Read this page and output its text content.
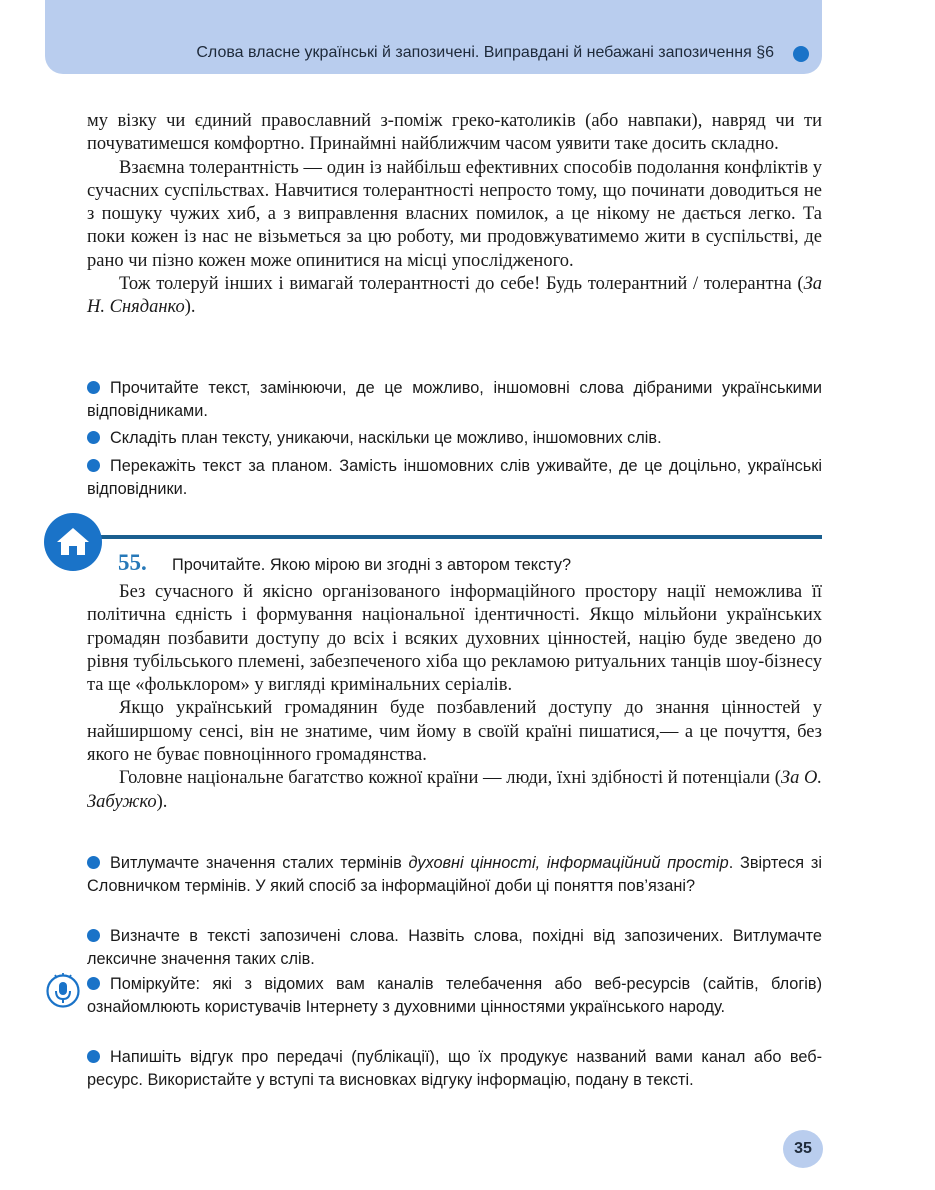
Слова власне українські й запозичені. Виправдані й небажані запозичення §6

му візку чи єдиний православний з-поміж греко-католиків (або навпаки), навряд чи ти почуватимешся комфортно. Принаймні найближчим часом уявити таке досить складно.
Взаємна толерантність — один із найбільш ефективних способів подолання конфліктів у сучасних суспільствах. Навчитися толерантності непросто тому, що починати доводиться не з пошуку чужих хиб, а з виправлення власних помилок, а це нікому не дається легко. Та поки кожен із нас не візьметься за цю роботу, ми продовжуватимемо жити в суспільстві, де рано чи пізно кожен може опинитися на місці упослідженого.
Тож толеруй інших і вимагай толерантності до себе! Будь толерантний / толерантна (За Н. Сняданко).

Прочитайте текст, замінюючи, де це можливо, іншомовні слова дібраними українськими відповідниками.

Складіть план тексту, уникаючи, наскільки це можливо, іншомовних слів.

Перекажіть текст за планом. Замість іншомовних слів уживайте, де це доцільно, українські відповідники.

55. Прочитайте. Якою мірою ви згодні з автором тексту?

Без сучасного й якісно організованого інформаційного простору нації неможлива її політична єдність і формування національної ідентичності. Якщо мільйони українських громадян позбавити доступу до всіх і всяких духовних цінностей, націю буде зведено до рівня тубільського племені, забезпеченого хіба що рекламою ритуальних танців шоу-бізнесу та ще «фольклором» у вигляді кримінальних серіалів.
Якщо український громадянин буде позбавлений доступу до знання цінностей у найширшому сенсі, він не знатиме, чим йому в своїй країні пишатися,— а це почуття, без якого не буває повноцінного громадянства.
Головне національне багатство кожної країни — люди, їхні здібності й потенціали (За О. Забужко).

Витлумачте значення сталих термінів духовні цінності, інформаційний простір. Звіртеся зі Словничком термінів. У який спосіб за інформаційної доби ці поняття пов’язані?

Визначте в тексті запозичені слова. Назвіть слова, похідні від запозичених. Витлумачте лексичне значення таких слів.

Поміркуйте: які з відомих вам каналів телебачення або веб-ресурсів (сайтів, блогів) ознайомлюють користувачів Інтернету з духовними цінностями українського народу.

Напишіть відгук про передачі (публікації), що їх продукує названий вами канал або веб-ресурс. Використайте у вступі та висновках відгуку інформацію, подану в тексті.

35
